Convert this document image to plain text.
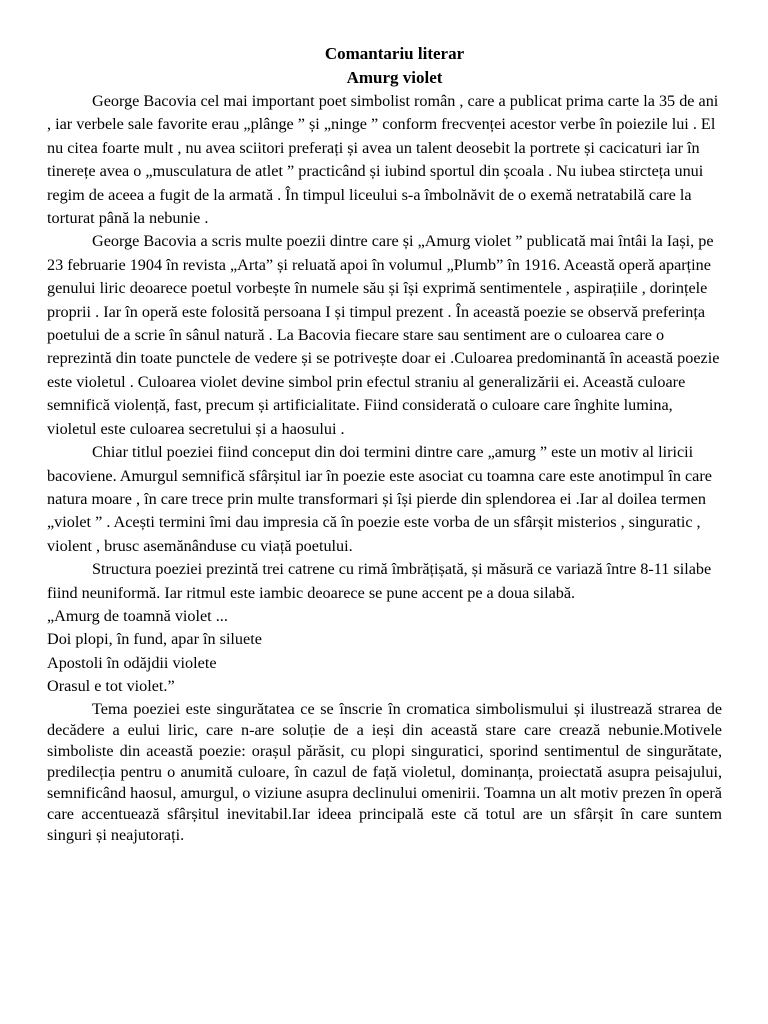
Comantariu literar
Amurg violet

George Bacovia cel mai important poet simbolist român , care a publicat prima carte la 35 de ani , iar verbele sale favorite erau „plânge ” și „ninge ” conform frecvenței acestor verbe în poiezile lui . El nu citea foarte mult , nu avea sciitori preferați și avea un talent deosebit la portrete și cacicaturi iar în tinerețe avea o „musculatura de atlet ” practicând și iubind sportul din școala . Nu iubea stircteța unui regim de aceea a fugit de la armată . În timpul liceului s-a îmbolnăvit de o exemă netratabilă care la torturat până la nebunie .

George Bacovia a scris multe poezii dintre care și „Amurg violet ” publicată mai întâi la Iași, pe 23 februarie 1904 în revista „Arta” și reluată apoi în volumul „Plumb” în 1916. Această operă aparține genului liric deoarece poetul vorbește în numele său și își exprimă sentimentele , aspirațiile , dorințele proprii . Iar în operă este folosită persoana I și timpul prezent . În această poezie se observă preferința poetului de a scrie în sânul natură . La Bacovia fiecare stare sau sentiment are o culoarea care o reprezintă din toate punctele de vedere și se potrivește doar ei .Culoarea predominantă în această poezie este violetul . Culoarea violet devine simbol prin efectul straniu al generalizării ei. Această culoare semnifică violență, fast, precum și artificialitate. Fiind considerată o culoare care înghite lumina, violetul este culoarea secretului și a haosului .

Chiar titlul poeziei fiind conceput din doi termini dintre care „amurg ” este un motiv al liricii bacoviene. Amurgul semnifică sfârșitul iar în poezie este asociat cu toamna care este anotimpul în care natura moare , în care trece prin multe transformari și își pierde din splendorea ei .Iar al doilea termen „violet ” . Acești termini îmi dau impresia că în poezie este vorba de un sfârșit misterios , singuratic , violent , brusc asemănânduse cu viață poetului.

Structura poeziei prezintă trei catrene cu rimă îmbrățișată, și măsură ce variază între 8-11 silabe fiind neuniformă. Iar ritmul este iambic deoarece se pune accent pe a doua silabă.

„Amurg de toamnă violet ...
Doi plopi, în fund, apar în siluete
Apostoli în odăjdii violete
Orasul e tot violet.”

Tema poeziei este singurătatea ce se înscrie în cromatica simbolismului și ilustrează strarea de decădere a eului liric, care n-are soluție de a ieși din această stare care crează nebunie.Motivele simboliste din această poezie: orașul părăsit, cu plopi singuratici, sporind sentimentul de singurătate, predilecția pentru o anumită culoare, în cazul de față violetul, dominanța, proiectată asupra peisajului, semnificând haosul, amurgul, o viziune asupra declinului omenirii. Toamna un alt motiv prezen în operă care accentuează sfârșitul inevitabil.Iar ideea principală este că totul are un sfârșit în care suntem singuri și neajutorați.
